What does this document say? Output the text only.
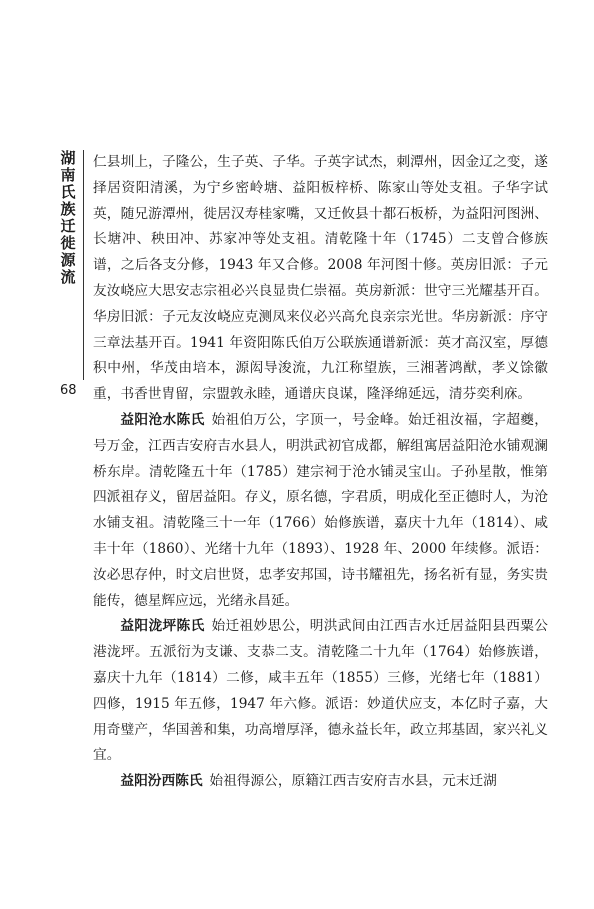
湖南氏族迁徙源流
68

仁县圳上，子隆公，生子英、子华。子英字试杰，刺潭州，因金辽之变，遂择居资阳清溪，为宁乡密岭塘、益阳板梓桥、陈家山等处支祖。子华字试英，随兄游潭州，徙居汉寿桂家嘴，又迁攸县十都石板桥，为益阳河图洲、长塘冲、秧田冲、苏家冲等处支祖。清乾隆十年（1745）二支曾合修族谱，之后各支分修，1943 年又合修。2008 年河图十修。英房旧派：子元友汝峣应大思安志宗祖必兴良显贵仁崇福。英房新派：世守三光耀基开百。华房旧派：子元友汝峣应克测凤来仪必兴高允良亲宗光世。华房新派：序守三章法基开百。1941 年资阳陈氏伯万公联族通谱新派：英才高汉室，厚德积中州，华茂由培本，源闳导浚流，九江称望族，三湘著鸿猷，孝义馀徽重，书香世胄留，宗盟敦永睦，通谱庆良谋，隆泽绵延远，清芬奕利庥。

益阳沧水陈氏 始祖伯万公，字顶一，号金峰。始迁祖汝福，字超夔，号万金，江西吉安府吉水县人，明洪武初官成都，解组寓居益阳沧水铺观澜桥东岸。清乾隆五十年（1785）建宗祠于沧水铺灵宝山。子孙星散，惟第四派祖存义，留居益阳。存义，原名德，字君质，明成化至正德时人，为沧水铺支祖。清乾隆三十一年（1766）始修族谱，嘉庆十九年（1814）、咸丰十年（1860）、光绪十九年（1893）、1928 年、2000 年续修。派语：汝必思存仲，时文启世贤，忠孝安邦国，诗书耀祖先，扬名祈有显，务实贵能传，德星辉应远，光绪永昌延。

益阳泷坪陈氏 始迁祖妙思公，明洪武间由江西吉水迁居益阳县西粟公港泷坪。五派衍为支谦、支恭二支。清乾隆二十九年（1764）始修族谱，嘉庆十九年（1814）二修，咸丰五年（1855）三修，光绪七年（1881）四修，1915 年五修，1947 年六修。派语：妙道伏应支，本亿时子嘉，大用奇璧产，华国善和集，功高增厚泽，德永益长年，政立邦基固，家兴礼义宜。

益阳汾西陈氏 始祖得源公，原籍江西吉安府吉水县，元末迁湖
